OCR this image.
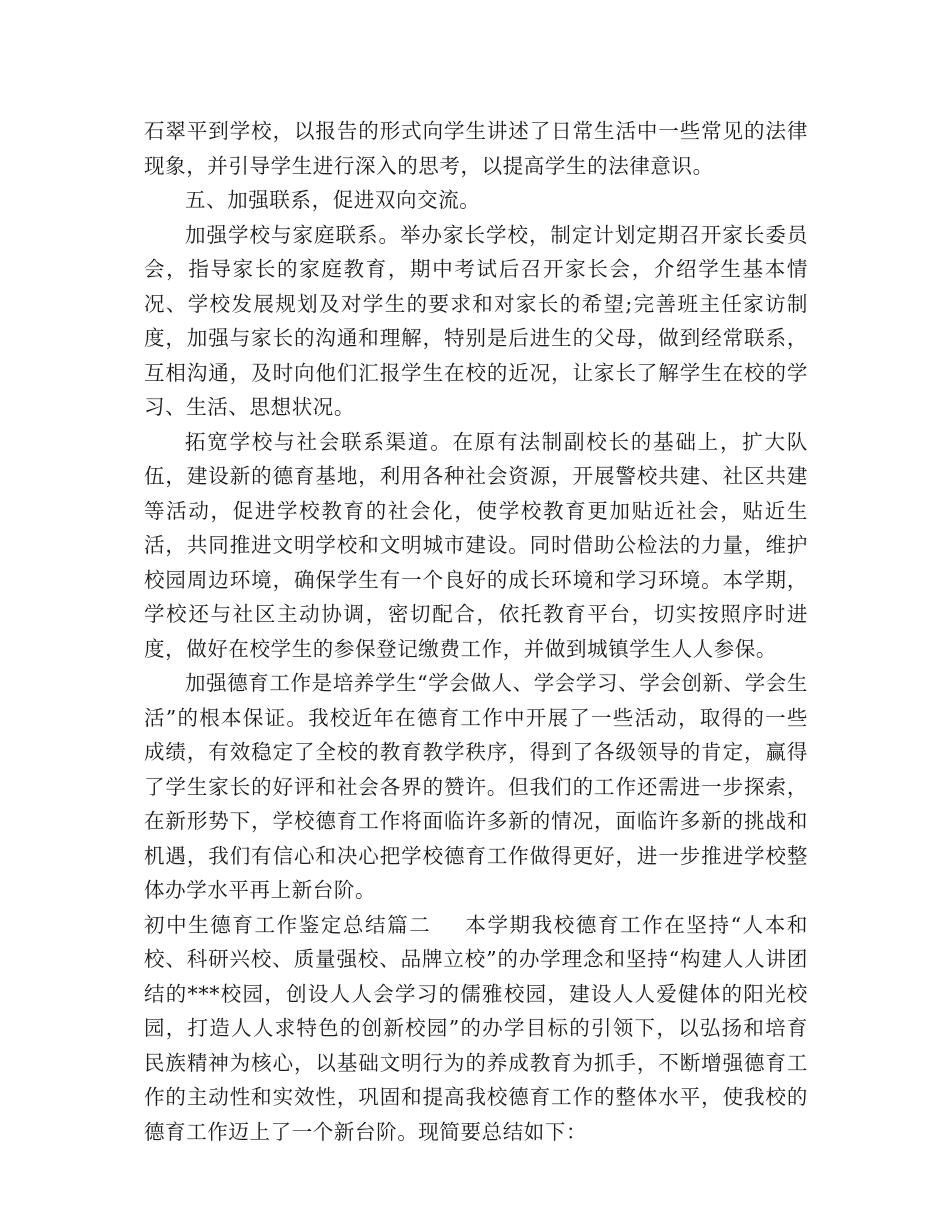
石翠平到学校，以报告的形式向学生讲述了日常生活中一些常见的法律现象，并引导学生进行深入的思考，以提高学生的法律意识。

五、加强联系，促进双向交流。

加强学校与家庭联系。举办家长学校，制定计划定期召开家长委员会，指导家长的家庭教育，期中考试后召开家长会，介绍学生基本情况、学校发展规划及对学生的要求和对家长的希望;完善班主任家访制度，加强与家长的沟通和理解，特别是后进生的父母，做到经常联系，互相沟通，及时向他们汇报学生在校的近况，让家长了解学生在校的学习、生活、思想状况。

拓宽学校与社会联系渠道。在原有法制副校长的基础上，扩大队伍，建设新的德育基地，利用各种社会资源，开展警校共建、社区共建等活动，促进学校教育的社会化，使学校教育更加贴近社会，贴近生活，共同推进文明学校和文明城市建设。同时借助公检法的力量，维护校园周边环境，确保学生有一个良好的成长环境和学习环境。本学期，学校还与社区主动协调，密切配合，依托教育平台，切实按照序时进度，做好在校学生的参保登记缴费工作，并做到城镇学生人人参保。

加强德育工作是培养学生“学会做人、学会学习、学会创新、学会生活”的根本保证。我校近年在德育工作中开展了一些活动，取得的一些成绩，有效稳定了全校的教育教学秩序，得到了各级领导的肯定，赢得了学生家长的好评和社会各界的赞许。但我们的工作还需进一步探索，在新形势下，学校德育工作将面临许多新的情况，面临许多新的挑战和机遇，我们有信心和决心把学校德育工作做得更好，进一步推进学校整体办学水平再上新台阶。

初中生德育工作鉴定总结篇二 本学期我校德育工作在坚持“人本和校、科研兴校、质量强校、品牌立校”的办学理念和坚持“构建人人讲团结的***校园，创设人人会学习的儒雅校园，建设人人爱健体的阳光校园，打造人人求特色的创新校园”的办学目标的引领下，以弘扬和培育民族精神为核心，以基础文明行为的养成教育为抓手，不断增强德育工作的主动性和实效性，巩固和提高我校德育工作的整体水平，使我校的德育工作迈上了一个新台阶。现简要总结如下：
